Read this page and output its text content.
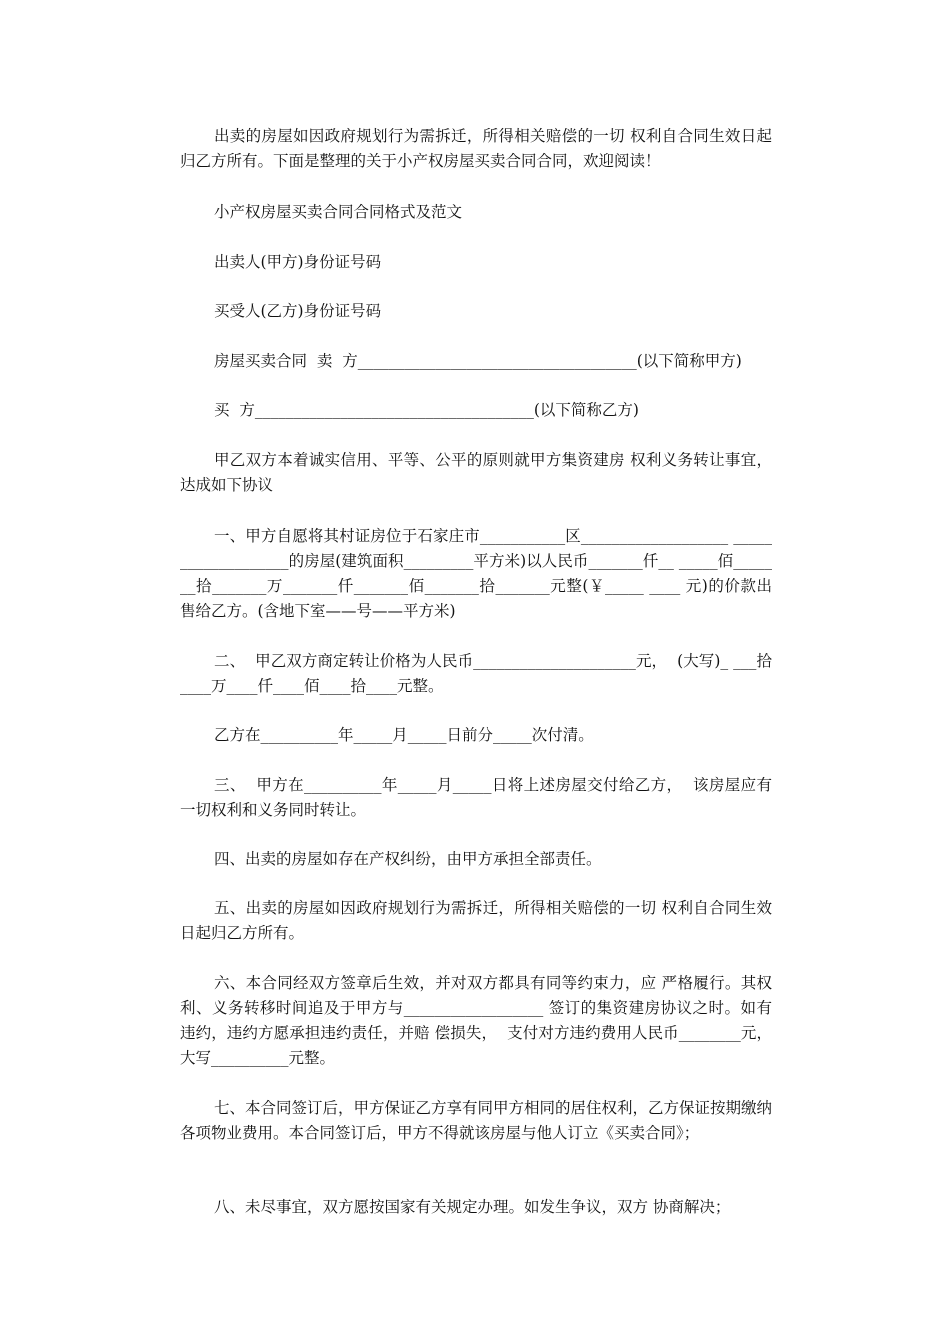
出卖的房屋如因政府规划行为需拆迁，所得相关赔偿的一切 权利自合同生效日起归乙方所有。下面是整理的关于小产权房屋买卖合同合同，欢迎阅读！

小产权房屋买卖合同合同格式及范文

出卖人(甲方)身份证号码

买受人(乙方)身份证号码

房屋买卖合同  卖  方____________________________________(以下简称甲方)

买  方____________________________________(以下简称乙方)

甲乙双方本着诚实信用、平等、公平的原则就甲方集资建房 权利义务转让事宜，达成如下协议

一、甲方自愿将其村证房位于石家庄市___________区___________________ ___________________的房屋(建筑面积_________平方米)以人民币_______仟__ _____佰_______拾_______万_______仟_______佰_______拾_______元整(￥_____ ____ 元)的价款出售给乙方。(含地下室——号——平方米)

二、  甲乙双方商定转让价格为人民币_____________________元，  (大写)_ ___拾____万____仟____佰____拾____元整。

乙方在__________年_____月_____日前分_____次付清。

三、  甲方在__________年_____月_____日将上述房屋交付给乙方，  该房屋应有一切权利和义务同时转让。

四、出卖的房屋如存在产权纠纷，由甲方承担全部责任。

五、出卖的房屋如因政府规划行为需拆迁，所得相关赔偿的一切 权利自合同生效日起归乙方所有。

六、本合同经双方签章后生效，并对双方都具有同等约束力，应 严格履行。其权利、义务转移时间追及于甲方与__________________ 签订的集资建房协议之时。如有违约，违约方愿承担违约责任，并赔 偿损失，  支付对方违约费用人民币________元，  大写__________元整。

七、本合同签订后，甲方保证乙方享有同甲方相同的居住权利，乙方保证按期缴纳各项物业费用。本合同签订后，甲方不得就该房屋与他人订立《买卖合同》；

八、未尽事宜，双方愿按国家有关规定办理。如发生争议，双方 协商解决；
